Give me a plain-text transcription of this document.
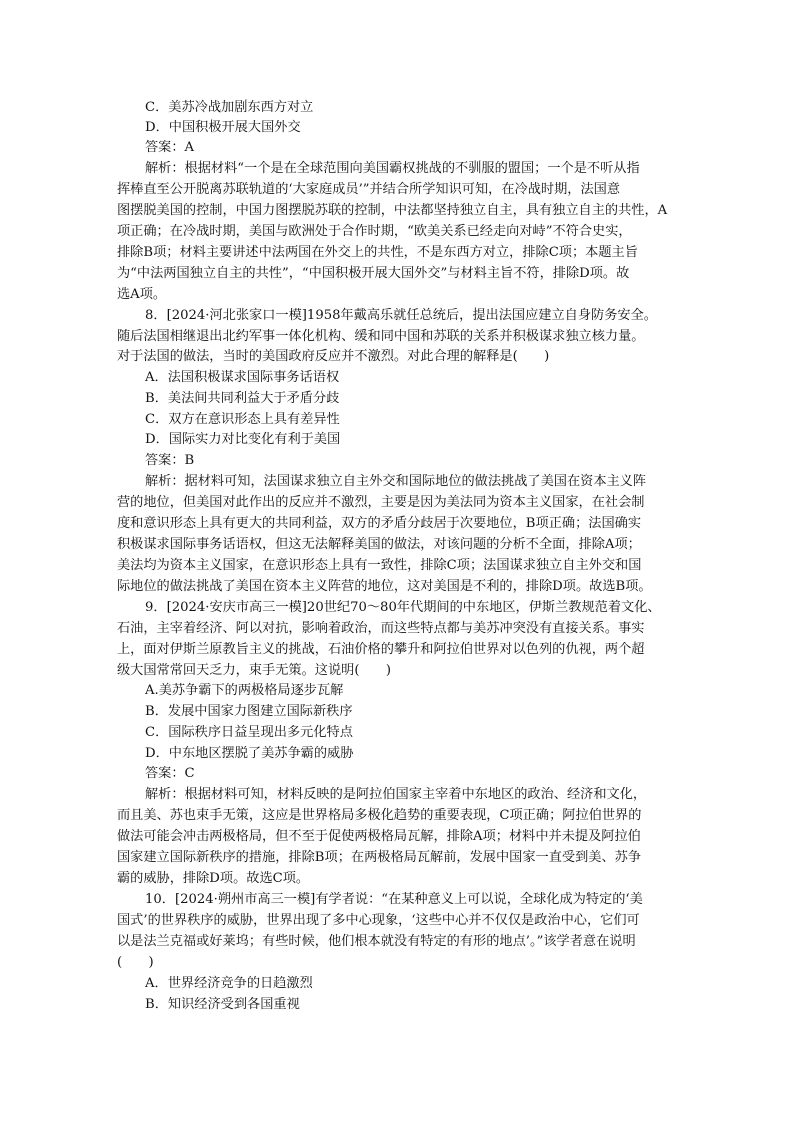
C．美苏冷战加剧东西方对立
D．中国积极开展大国外交
答案：A
解析：根据材料“一个是在全球范围向美国霸权挑战的不驯服的盟国；一个是不听从指
挥棒直至公开脱离苏联轨道的‘大家庭成员’”并结合所学知识可知，在冷战时期，法国意
图摆脱美国的控制，中国力图摆脱苏联的控制，中法都坚持独立自主，具有独立自主的共性，A
项正确；在冷战时期，美国与欧洲处于合作时期，“欧美关系已经走向对峙”不符合史实，
排除B项；材料主要讲述中法两国在外交上的共性，不是东西方对立，排除C项；本题主旨
为“中法两国独立自主的共性”，“中国积极开展大国外交”与材料主旨不符，排除D项。故
选A项。
8．[2024·河北张家口一模]1958年戴高乐就任总统后，提出法国应建立自身防务安全。
随后法国相继退出北约军事一体化机构、缓和同中国和苏联的关系并积极谋求独立核力量。
对于法国的做法，当时的美国政府反应并不激烈。对此合理的解释是(　　)
A．法国积极谋求国际事务话语权
B．美法间共同利益大于矛盾分歧
C．双方在意识形态上具有差异性
D．国际实力对比变化有利于美国
答案：B
解析：据材料可知，法国谋求独立自主外交和国际地位的做法挑战了美国在资本主义阵
营的地位，但美国对此作出的反应并不激烈，主要是因为美法同为资本主义国家，在社会制
度和意识形态上具有更大的共同利益，双方的矛盾分歧居于次要地位，B项正确；法国确实
积极谋求国际事务话语权，但这无法解释美国的做法，对该问题的分析不全面，排除A项；
美法均为资本主义国家，在意识形态上具有一致性，排除C项；法国谋求独立自主外交和国
际地位的做法挑战了美国在资本主义阵营的地位，这对美国是不利的，排除D项。故选B项。
9．[2024·安庆市高三一模]20世纪70～80年代期间的中东地区，伊斯兰教规范着文化、
石油，主宰着经济、阿以对抗，影响着政治，而这些特点都与美苏冲突没有直接关系。事实
上，面对伊斯兰原教旨主义的挑战，石油价格的攀升和阿拉伯世界对以色列的仇视，两个超
级大国常常回天乏力，束手无策。这说明(　　)
A.美苏争霸下的两极格局逐步瓦解
B．发展中国家力图建立国际新秩序
C．国际秩序日益呈现出多元化特点
D．中东地区摆脱了美苏争霸的威胁
答案：C
解析：根据材料可知，材料反映的是阿拉伯国家主宰着中东地区的政治、经济和文化，
而且美、苏也束手无策，这应是世界格局多极化趋势的重要表现，C项正确；阿拉伯世界的
做法可能会冲击两极格局，但不至于促使两极格局瓦解，排除A项；材料中并未提及阿拉伯
国家建立国际新秩序的措施，排除B项；在两极格局瓦解前，发展中国家一直受到美、苏争
霸的威胁，排除D项。故选C项。
10．[2024·朔州市高三一模]有学者说：“在某种意义上可以说，全球化成为特定的‘美
国式’的世界秩序的威胁，世界出现了多中心现象，‘这些中心并不仅仅是政治中心，它们可
以是法兰克福或好莱坞；有些时候，他们根本就没有特定的有形的地点’。”该学者意在说明
(　　)
A．世界经济竞争的日趋激烈
B．知识经济受到各国重视
